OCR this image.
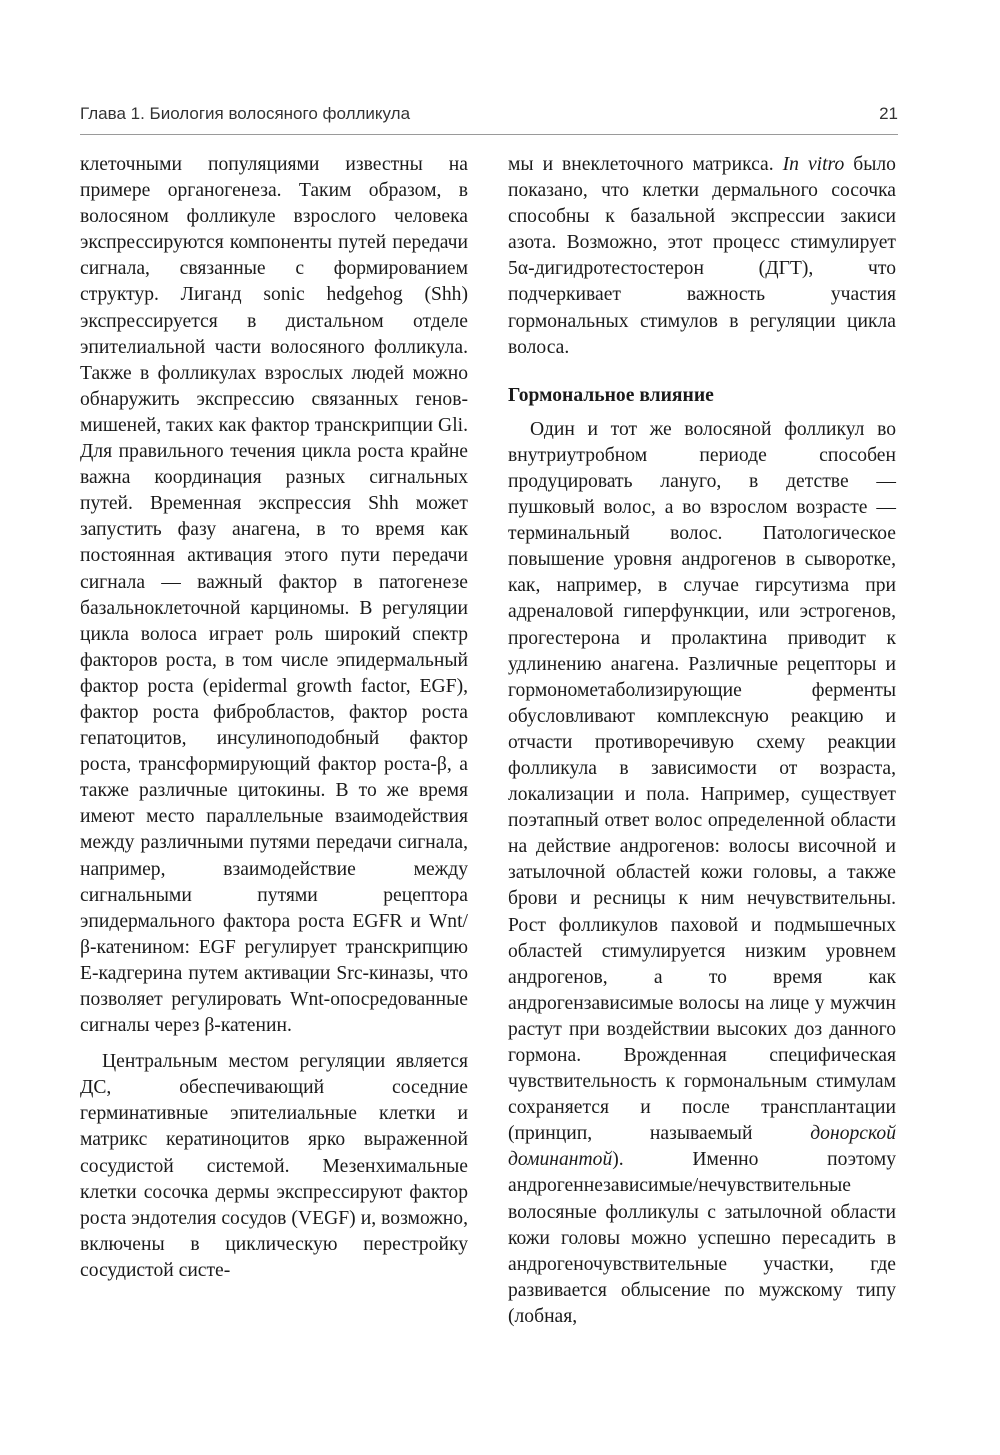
Глава 1. Биология волосяного фолликула	21

клеточными популяциями известны на примере органогенеза. Таким образом, в волосяном фолликуле взрослого человека экспрессируются компоненты путей передачи сигнала, связанные с формированием структур. Лиганд sonic hedgehog (Shh) экспрессируется в дистальном отделе эпителиальной части волосяного фолликула. Также в фолликулах взрослых людей можно обнаружить экспрессию связанных генов-мишеней, таких как фактор транскрипции Gli. Для правильного течения цикла роста крайне важна координация разных сигнальных путей. Временная экспрессия Shh может запустить фазу анагена, в то время как постоянная активация этого пути передачи сигнала — важный фактор в патогенезе базальноклеточной карциномы. В регуляции цикла волоса играет роль широкий спектр факторов роста, в том числе эпидермальный фактор роста (epidermal growth factor, EGF), фактор роста фибробластов, фактор роста гепатоцитов, инсулиноподобный фактор роста, трансформирующий фактор роста-β, а также различные цитокины. В то же время имеют место параллельные взаимодействия между различными путями передачи сигнала, например, взаимодействие между сигнальными путями рецептора эпидермального фактора роста EGFR и Wnt/β-катенином: EGF регулирует транскрипцию Е-кадгерина путем активации Src-киназы, что позволяет регулировать Wnt-опосредованные сигналы через β-катенин.

Центральным местом регуляции является ДС, обеспечивающий соседние герминативные эпителиальные клетки и матрикс кератиноцитов ярко выраженной сосудистой системой. Мезенхимальные клетки сосочка дермы экспрессируют фактор роста эндотелия сосудов (VEGF) и, возможно, включены в циклическую перестройку сосудистой систе-

мы и внеклеточного матрикса. In vitro было показано, что клетки дермального сосочка способны к базальной экспрессии закиси азота. Возможно, этот процесс стимулирует 5α-дигидротестостерон (ДГТ), что подчеркивает важность участия гормональных стимулов в регуляции цикла волоса.

Гормональное влияние

Один и тот же волосяной фолликул во внутриутробном периоде способен продуцировать лануго, в детстве — пушковый волос, а во взрослом возрасте — терминальный волос. Патологическое повышение уровня андрогенов в сыворотке, как, например, в случае гирсутизма при адреналовой гиперфункции, или эстрогенов, прогестерона и пролактина приводит к удлинению анагена. Различные рецепторы и гормонометаболизирующие ферменты обусловливают комплексную реакцию и отчасти противоречивую схему реакции фолликула в зависимости от возраста, локализации и пола. Например, существует поэтапный ответ волос определенной области на действие андрогенов: волосы височной и затылочной областей кожи головы, а также брови и ресницы к ним нечувствительны. Рост фолликулов паховой и подмышечных областей стимулируется низким уровнем андрогенов, а то время как андрогензависимые волосы на лице у мужчин растут при воздействии высоких доз данного гормона. Врожденная специфическая чувствительность к гормональным стимулам сохраняется и после трансплантации (принцип, называемый	донорской доминантой). Именно поэтому андрогеннезависимые/нечувствительные волосяные фолликулы с затылочной области кожи головы можно успешно пересадить в андрогеночувствительные участки, где развивается облысение по мужскому типу (лобная,
